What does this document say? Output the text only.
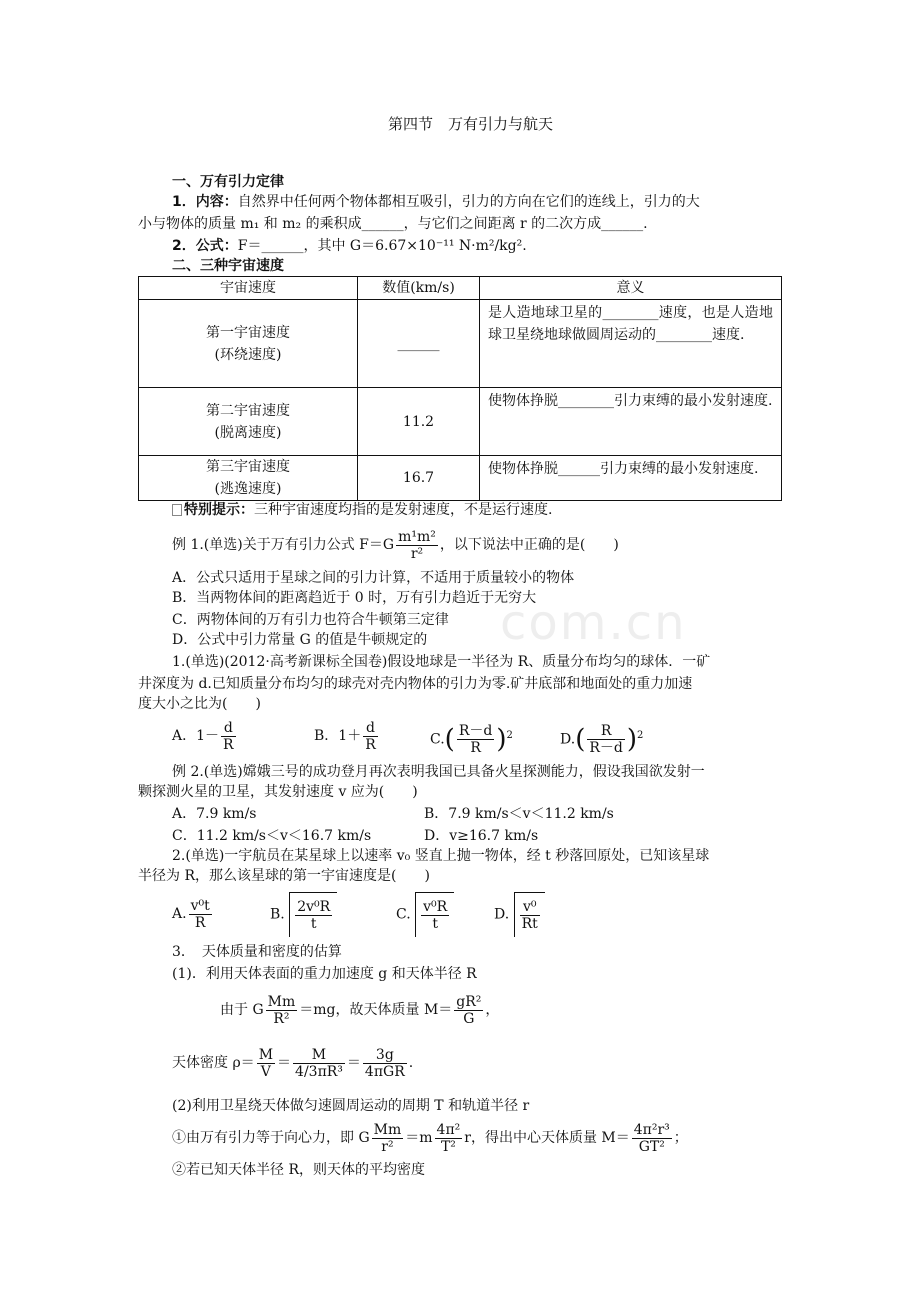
com.cn
第四节　万有引力与航天
一、万有引力定律
1．内容：自然界中任何两个物体都相互吸引，引力的方向在它们的连线上，引力的大
小与物体的质量 m₁ 和 m₂ 的乘积成______，与它们之间距离 r 的二次方成______.
2．公式：F＝______，其中 G＝6.67×10⁻¹¹ N·m²/kg².
二、三种宇宙速度
宇宙速度	数值(km/s)	意义

第一宇宙速度
(环绕速度)	______	是人造地球卫星的________速度，也是人造地球卫星绕地球做圆周运动的________速度.

第二宇宙速度
(脱离速度)	11.2	使物体挣脱________引力束缚的最小发射速度.

第三宇宙速度
(逃逸速度)	16.7	使物体挣脱______引力束缚的最小发射速度.
特别提示：三种宇宙速度均指的是发射速度，不是运行速度.
例 1.(单选)关于万有引力公式 $F=G \frac{\text{m¹m²}}{\text{r²}}$ ，以下说法中正确的是(　　)
A．公式只适用于星球之间的引力计算，不适用于质量较小的物体
B．当两物体间的距离趋近于 0 时，万有引力趋近于无穷大
C．两物体间的万有引力也符合牛顿第三定律
D．公式中引力常量 G 的值是牛顿规定的
1.(单选)(2012·高考新课标全国卷)假设地球是一半径为 R、质量分布均匀的球体．一矿
井深度为 d.已知质量分布均匀的球壳对壳内物体的引力为零.矿井底部和地面处的重力加速
度大小之比为(　　)
A．$1- \frac{d}{R}$	B．$1+ \frac{d}{R}$	$C.( \frac{R-d}{R} )^2$	$D.( \frac{R}{R-d} )^2$
例 2.(单选)嫦娥三号的成功登月再次表明我国已具备火星探测能力，假设我国欲发射一
颗探测火星的卫星，其发射速度 v 应为(　　)
A．7.9 km/s	B．7.9 km/s＜v＜11.2 km/s
C．11.2 km/s＜v＜16.7 km/s	D．v≥16.7 km/s
2.(单选)一宇航员在某星球上以速率 v₀ 竖直上抛一物体，经 t 秒落回原处，已知该星球
半径为 R，那么该星球的第一宇宙速度是(　　)
A. $\frac{\text{v⁰t}}{R}$	B. $\frac{\text{2v⁰R}}{t}$	C. $\frac{\text{v⁰R}}{t}$	D. $\frac{\text{v⁰}}{Rt}$
3．　天体质量和密度的估算
(1)．利用天体表面的重力加速度 g 和天体半径 R
由于 G $\frac{Mm}{\text{R²}} =mg$，故天体质量 $M= \frac{\text{gR²}}{G}$ ，
天体密度 $\rho= \frac{M}{V} = \frac{M}{\text{4/3πR³}} = \frac{3g}{\text{4πGR}}$ .
(2)利用卫星绕天体做匀速圆周运动的周期 T 和轨道半径 r
①由万有引力等于向心力，即 G $\frac{Mm}{\text{r²}} =m \frac{\text{4π²}}{\text{T²}}$ r，得出中心天体质量 $M= \frac{\text{4π²r³}}{\text{GT²}}$ ；
②若已知天体半径 R，则天体的平均密度
